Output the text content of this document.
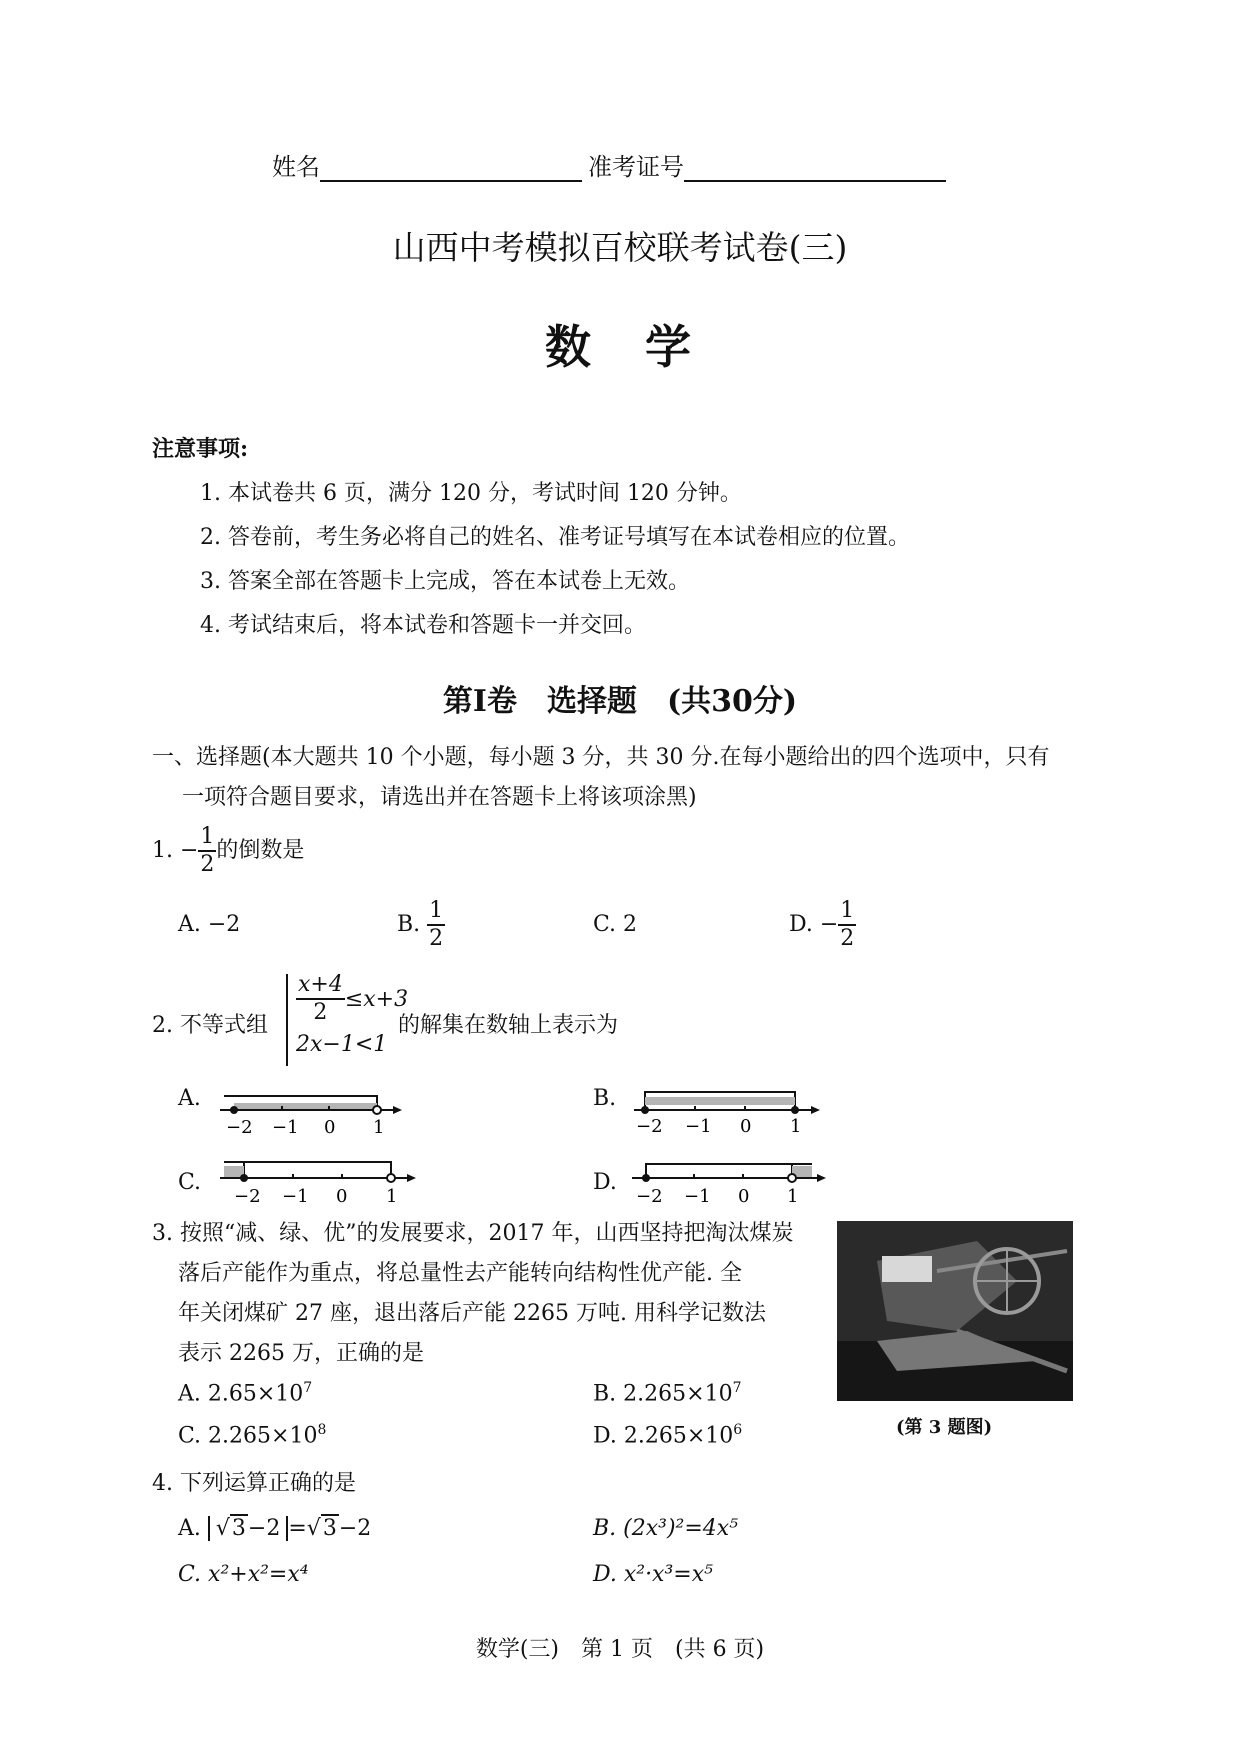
姓名	准考证号
山西中考模拟百校联考试卷(三)
数　学
注意事项:
1. 本试卷共 6 页，满分 120 分，考试时间 120 分钟。
2. 答卷前，考生务必将自己的姓名、准考证号填写在本试卷相应的位置。
3. 答案全部在答题卡上完成，答在本试卷上无效。
4. 考试结束后，将本试卷和答题卡一并交回。
第Ⅰ卷　选择题　(共30分)
一、选择题(本大题共 10 个小题，每小题 3 分，共 30 分.在每小题给出的四个选项中，只有
一项符合题目要求，请选出并在答题卡上将该项涂黑)
1. − $\frac{1}{2}$ 的倒数是
A. −2	B. $\frac{1}{2}$	C. 2	D. − $\frac{1}{2}$
2. 不等式组
$\frac{x+4}{2} \le x+3$
2x−1<1
的解集在数轴上表示为
A.
−2 −1 0 1
B.
−2 −1 0 1
C.
−2 −1 0 1
D.
−2 −1 0 1
3. 按照“减、绿、优”的发展要求，2017 年，山西坚持把淘汰煤炭
落后产能作为重点，将总量性去产能转向结构性优产能. 全
年关闭煤矿 27 座，退出落后产能 2265 万吨. 用科学记数法
表示 2265 万，正确的是
A. $2.65\times 10^7$	B. $2.265\times 10^7$
C. $2.265\times 10^8$	D. $2.265\times 10^6$	(第 3 题图)
4. 下列运算正确的是
A. √3−2 =√3−2	B. (2x³)²=4x⁵
C. x²+x²=x⁴	D. x²·x³=x⁵
数学(三)　第 1 页　(共 6 页)
